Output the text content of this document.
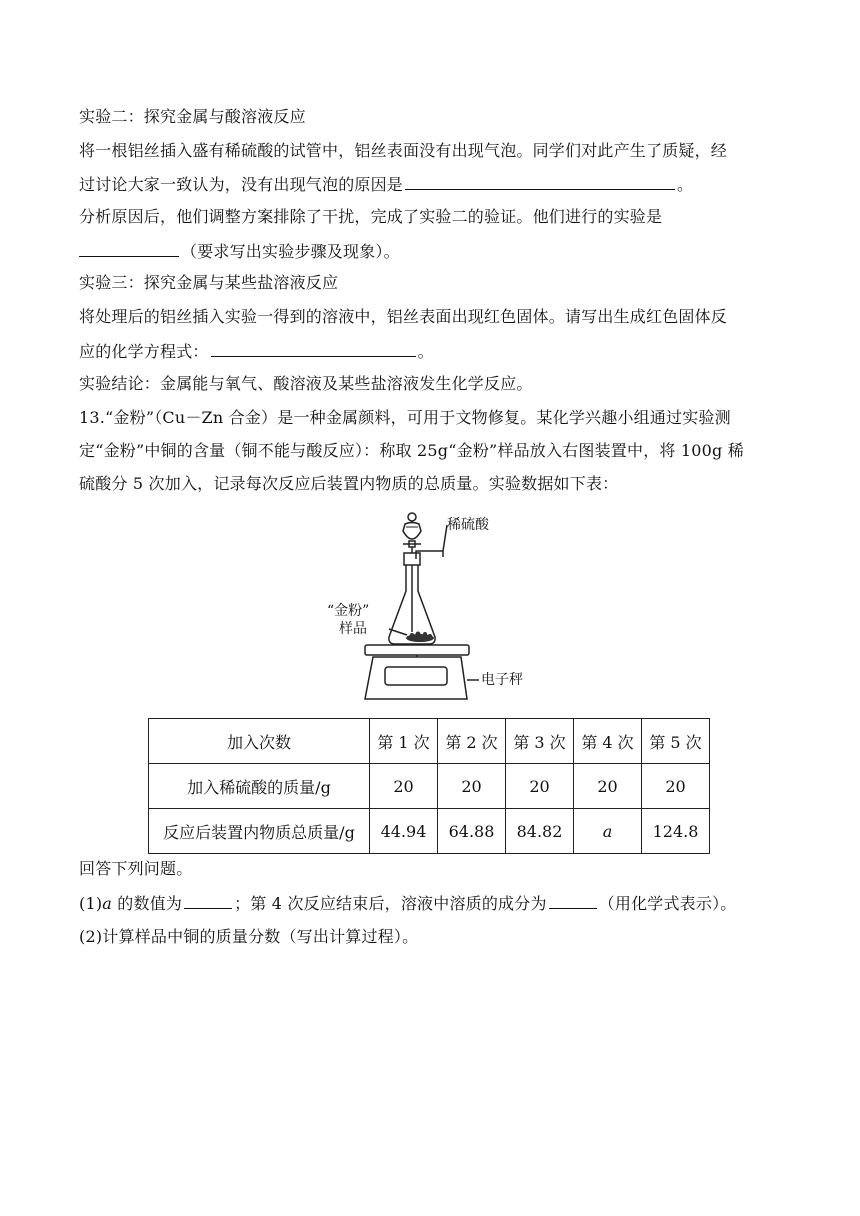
实验二：探究金属与酸溶液反应
将一根铝丝插入盛有稀硫酸的试管中，铝丝表面没有出现气泡。同学们对此产生了质疑，经
过讨论大家一致认为，没有出现气泡的原因是	。
分析原因后，他们调整方案排除了干扰，完成了实验二的验证。他们进行的实验是
（要求写出实验步骤及现象）。
实验三：探究金属与某些盐溶液反应
将处理后的铝丝插入实验一得到的溶液中，铝丝表面出现红色固体。请写出生成红色固体反
应的化学方程式：	。
实验结论：金属能与氧气、酸溶液及某些盐溶液发生化学反应。
13.“金粉”（Cu－Zn 合金）是一种金属颜料，可用于文物修复。某化学兴趣小组通过实验测
定“金粉”中铜的含量（铜不能与酸反应）：称取 25g“金粉”样品放入右图装置中，将 100g 稀
硫酸分 5 次加入，记录每次反应后装置内物质的总质量。实验数据如下表：
稀硫酸
“金粉”
样品
电子秤
加入次数	第 1 次	第 2 次	第 3 次	第 4 次	第 5 次
加入稀硫酸的质量/g	20	20	20	20	20
反应后装置内物质总质量/g	44.94	64.88	84.82	a	124.8
回答下列问题。
(1)a 的数值为	；第 4 次反应结束后，溶液中溶质的成分为	（用化学式表示）。
(2)计算样品中铜的质量分数（写出计算过程）。
